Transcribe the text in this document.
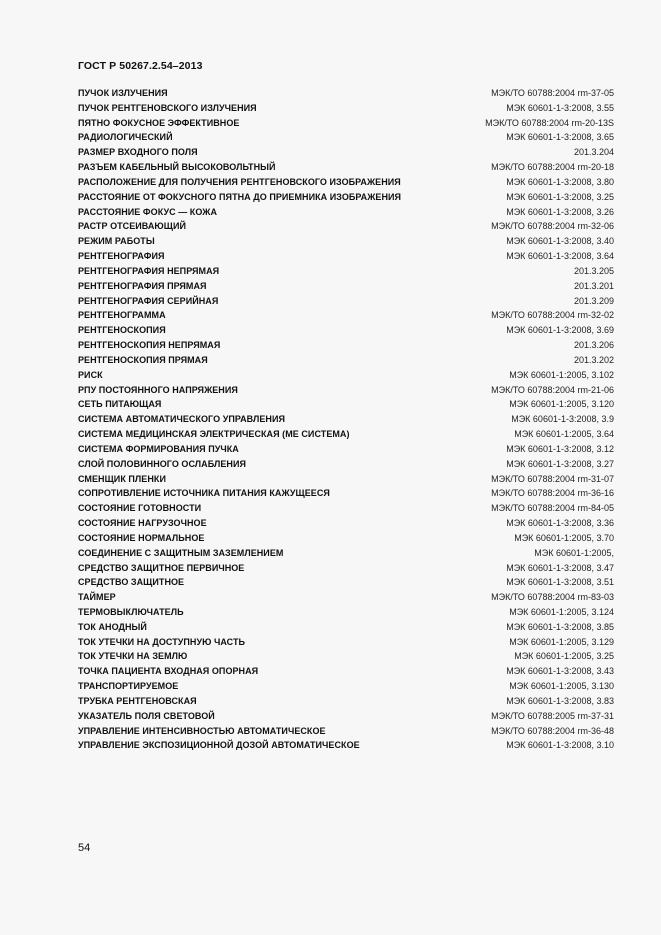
ГОСТ Р 50267.2.54–2013
ПУЧОК ИЗЛУЧЕНИЯ	МЭК/ТО 60788:2004 rm-37-05
ПУЧОК РЕНТГЕНОВСКОГО ИЗЛУЧЕНИЯ	МЭК 60601-1-3:2008, 3.55
ПЯТНО ФОКУСНОЕ ЭФФЕКТИВНОЕ	МЭК/ТО 60788:2004 rm-20-13S
РАДИОЛОГИЧЕСКИЙ	МЭК 60601-1-3:2008, 3.65
РАЗМЕР ВХОДНОГО ПОЛЯ	201.3.204
РАЗЪЕМ КАБЕЛЬНЫЙ ВЫСОКОВОЛЬТНЫЙ	МЭК/ТО 60788:2004 rm-20-18
РАСПОЛОЖЕНИЕ ДЛЯ ПОЛУЧЕНИЯ РЕНТГЕНОВСКОГО ИЗОБРАЖЕНИЯ	МЭК 60601-1-3:2008, 3.80
РАССТОЯНИЕ ОТ ФОКУСНОГО ПЯТНА ДО ПРИЕМНИКА ИЗОБРАЖЕНИЯ	МЭК 60601-1-3:2008, 3.25
РАССТОЯНИЕ ФОКУС — КОЖА	МЭК 60601-1-3:2008, 3.26
РАСТР ОТСЕИВАЮЩИЙ	МЭК/ТО 60788:2004 rm-32-06
РЕЖИМ РАБОТЫ	МЭК 60601-1-3:2008, 3.40
РЕНТГЕНОГРАФИЯ	МЭК 60601-1-3:2008, 3.64
РЕНТГЕНОГРАФИЯ НЕПРЯМАЯ	201.3.205
РЕНТГЕНОГРАФИЯ ПРЯМАЯ	201.3.201
РЕНТГЕНОГРАФИЯ СЕРИЙНАЯ	201.3.209
РЕНТГЕНОГРАММА	МЭК/ТО 60788:2004 rm-32-02
РЕНТГЕНОСКОПИЯ	МЭК 60601-1-3:2008, 3.69
РЕНТГЕНОСКОПИЯ НЕПРЯМАЯ	201.3.206
РЕНТГЕНОСКОПИЯ ПРЯМАЯ	201.3.202
РИСК	МЭК 60601-1:2005, 3.102
РПУ ПОСТОЯННОГО НАПРЯЖЕНИЯ	МЭК/ТО 60788:2004 rm-21-06
СЕТЬ ПИТАЮЩАЯ	МЭК 60601-1:2005, 3.120
СИСТЕМА АВТОМАТИЧЕСКОГО УПРАВЛЕНИЯ	МЭК 60601-1-3:2008, 3.9
СИСТЕМА МЕДИЦИНСКАЯ ЭЛЕКТРИЧЕСКАЯ (МЕ СИСТЕМА)	МЭК 60601-1:2005, 3.64
СИСТЕМА ФОРМИРОВАНИЯ ПУЧКА	МЭК 60601-1-3:2008, 3.12
СЛОЙ ПОЛОВИННОГО ОСЛАБЛЕНИЯ	МЭК 60601-1-3:2008, 3.27
СМЕНЩИК ПЛЕНКИ	МЭК/ТО 60788:2004 rm-31-07
СОПРОТИВЛЕНИЕ ИСТОЧНИКА ПИТАНИЯ КАЖУЩЕЕСЯ	МЭК/ТО 60788:2004 rm-36-16
СОСТОЯНИЕ ГОТОВНОСТИ	МЭК/ТО 60788:2004 rm-84-05
СОСТОЯНИЕ НАГРУЗОЧНОЕ	МЭК 60601-1-3:2008, 3.36
СОСТОЯНИЕ НОРМАЛЬНОЕ	МЭК 60601-1:2005, 3.70
СОЕДИНЕНИЕ С ЗАЩИТНЫМ ЗАЗЕМЛЕНИЕМ	МЭК 60601-1:2005,
СРЕДСТВО ЗАЩИТНОЕ ПЕРВИЧНОЕ	МЭК 60601-1-3:2008, 3.47
СРЕДСТВО ЗАЩИТНОЕ	МЭК 60601-1-3:2008, 3.51
ТАЙМЕР	МЭК/ТО 60788:2004 rm-83-03
ТЕРМОВЫКЛЮЧАТЕЛЬ	МЭК 60601-1:2005, 3.124
ТОК АНОДНЫЙ	МЭК 60601-1-3:2008, 3.85
ТОК УТЕЧКИ НА ДОСТУПНУЮ ЧАСТЬ	МЭК 60601-1:2005, 3.129
ТОК УТЕЧКИ НА ЗЕМЛЮ	МЭК 60601-1:2005, 3.25
ТОЧКА ПАЦИЕНТА ВХОДНАЯ ОПОРНАЯ	МЭК 60601-1-3:2008, 3.43
ТРАНСПОРТИРУЕМОЕ	МЭК 60601-1:2005, 3.130
ТРУБКА РЕНТГЕНОВСКАЯ	МЭК 60601-1-3:2008, 3.83
УКАЗАТЕЛЬ ПОЛЯ СВЕТОВОЙ	МЭК/ТО 60788:2005 rm-37-31
УПРАВЛЕНИЕ ИНТЕНСИВНОСТЬЮ АВТОМАТИЧЕСКОЕ	МЭК/ТО 60788:2004 rm-36-48
УПРАВЛЕНИЕ ЭКСПОЗИЦИОННОЙ ДОЗОЙ АВТОМАТИЧЕСКОЕ	МЭК 60601-1-3:2008, 3.10
54
